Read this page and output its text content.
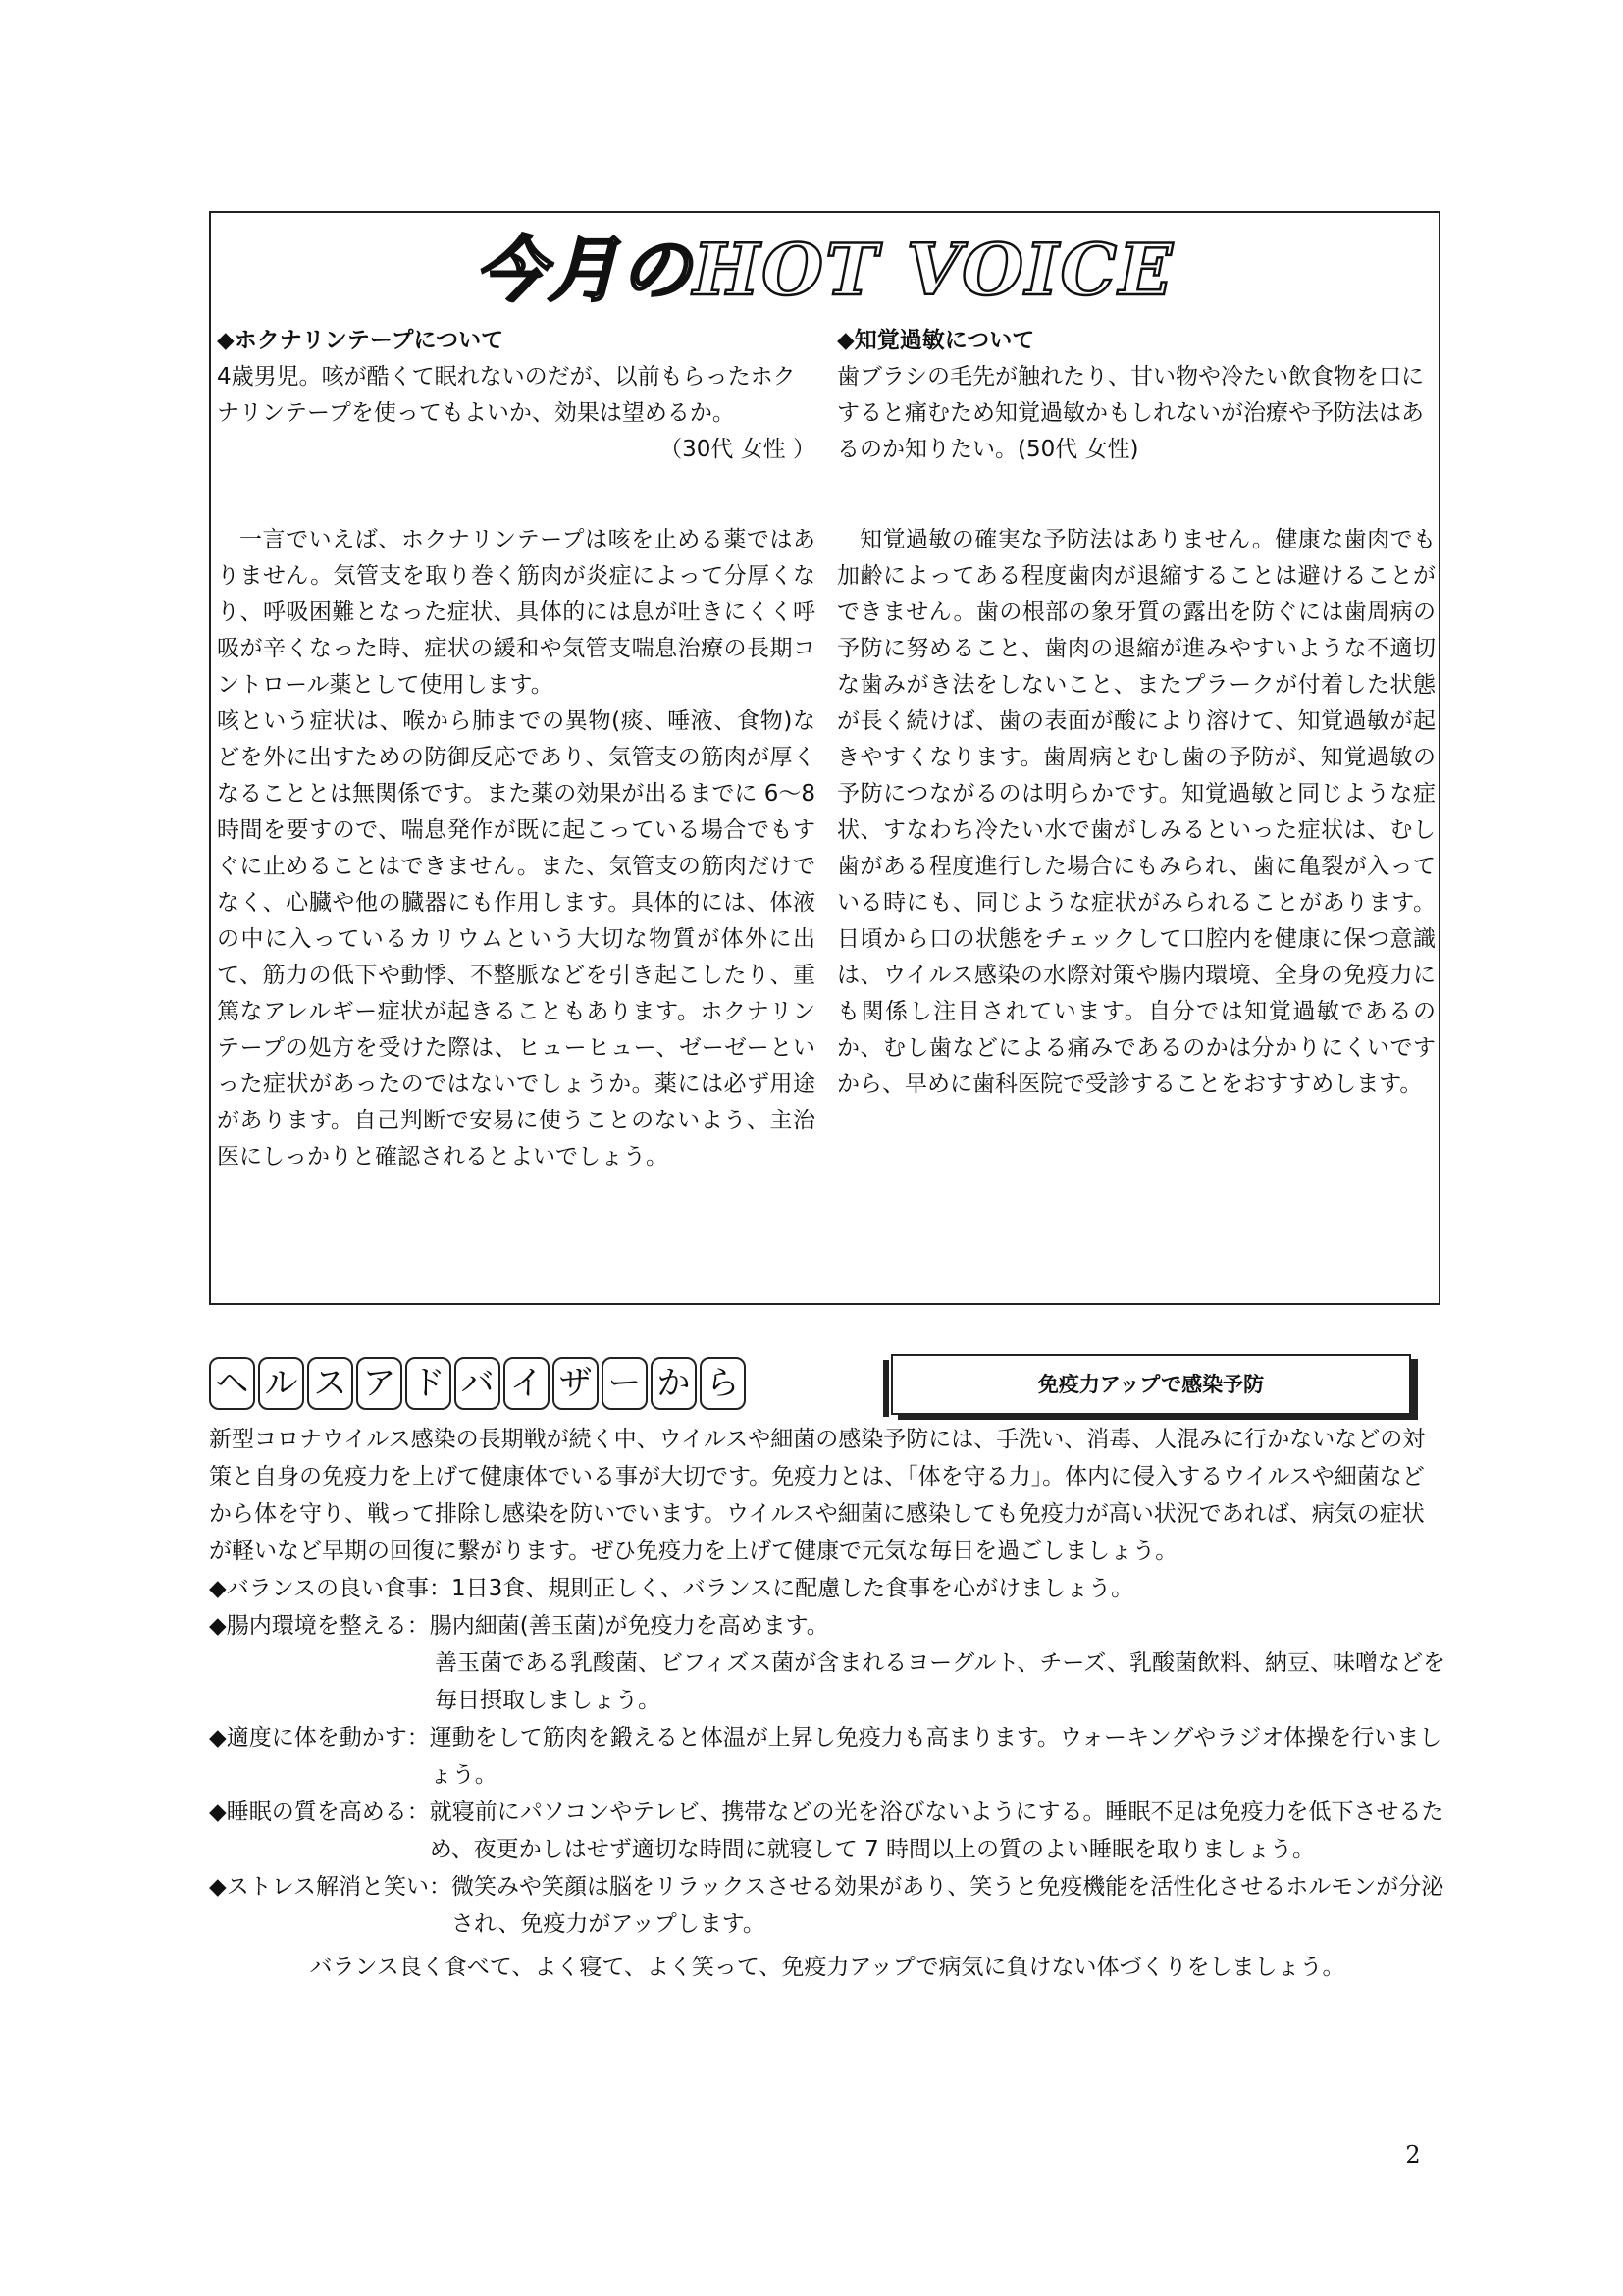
今月のHOT VOICE

◆ホクナリンテープについて

4歳男児。咳が酷くて眠れないのだが、以前もらったホクナリンテープを使ってもよいか、効果は望めるか。

（30代 女性 ）

◆知覚過敏について

歯ブラシの毛先が触れたり、甘い物や冷たい飲食物を口にすると痛むため知覚過敏かもしれないが治療や予防法はあるのか知りたい。(50代 女性)

一言でいえば、ホクナリンテープは咳を止める薬ではありません。気管支を取り巻く筋肉が炎症によって分厚くなり、呼吸困難となった症状、具体的には息が吐きにくく呼吸が辛くなった時、症状の緩和や気管支喘息治療の長期コントロール薬として使用します。

咳という症状は、喉から肺までの異物(痰、唾液、食物)などを外に出すための防御反応であり、気管支の筋肉が厚くなることとは無関係です。また薬の効果が出るまでに 6～8時間を要すので、喘息発作が既に起こっている場合でもすぐに止めることはできません。また、気管支の筋肉だけでなく、心臓や他の臓器にも作用します。具体的には、体液の中に入っているカリウムという大切な物質が体外に出て、筋力の低下や動悸、不整脈などを引き起こしたり、重篤なアレルギー症状が起きることもあります。ホクナリンテープの処方を受けた際は、ヒューヒュー、ゼーゼーといった症状があったのではないでしょうか。薬には必ず用途があります。自己判断で安易に使うことのないよう、主治医にしっかりと確認されるとよいでしょう。

知覚過敏の確実な予防法はありません。健康な歯肉でも加齢によってある程度歯肉が退縮することは避けることができません。歯の根部の象牙質の露出を防ぐには歯周病の予防に努めること、歯肉の退縮が進みやすいような不適切な歯みがき法をしないこと、またプラークが付着した状態が長く続けば、歯の表面が酸により溶けて、知覚過敏が起きやすくなります。歯周病とむし歯の予防が、知覚過敏の予防につながるのは明らかです。知覚過敏と同じような症状、すなわち冷たい水で歯がしみるといった症状は、むし歯がある程度進行した場合にもみられ、歯に亀裂が入っている時にも、同じような症状がみられることがあります。日頃から口の状態をチェックして口腔内を健康に保つ意識は、ウイルス感染の水際対策や腸内環境、全身の免疫力にも関係し注目されています。自分では知覚過敏であるのか、むし歯などによる痛みであるのかは分かりにくいですから、早めに歯科医院で受診することをおすすめします。

ヘ ル ス ア ド バ イ ザ ー か ら	免疫力アップで感染予防

新型コロナウイルス感染の長期戦が続く中、ウイルスや細菌の感染予防には、手洗い、消毒、人混みに行かないなどの対策と自身の免疫力を上げて健康体でいる事が大切です。免疫力とは、「体を守る力」。体内に侵入するウイルスや細菌などから体を守り、戦って排除し感染を防いでいます。ウイルスや細菌に感染しても免疫力が高い状況であれば、病気の症状が軽いなど早期の回復に繋がります。ぜひ免疫力を上げて健康で元気な毎日を過ごしましょう。

◆バランスの良い食事： 1日3食、規則正しく、バランスに配慮した食事を心がけましょう。
◆腸内環境を整える： 腸内細菌(善玉菌)が免疫力を高めます。

善玉菌である乳酸菌、ビフィズス菌が含まれるヨーグルト、チーズ、乳酸菌飲料、納豆、味噌などを毎日摂取しましょう。

◆適度に体を動かす： 運動をして筋肉を鍛えると体温が上昇し免疫力も高まります。ウォーキングやラジオ体操を行いましょう。
◆睡眠の質を高める： 就寝前にパソコンやテレビ、携帯などの光を浴びないようにする。睡眠不足は免疫力を低下させるため、夜更かしはせず適切な時間に就寝して 7 時間以上の質のよい睡眠を取りましょう。
◆ストレス解消と笑い： 微笑みや笑顔は脳をリラックスさせる効果があり、笑うと免疫機能を活性化させるホルモンが分泌され、免疫力がアップします。

バランス良く食べて、よく寝て、よく笑って、免疫力アップで病気に負けない体づくりをしましょう。

2
